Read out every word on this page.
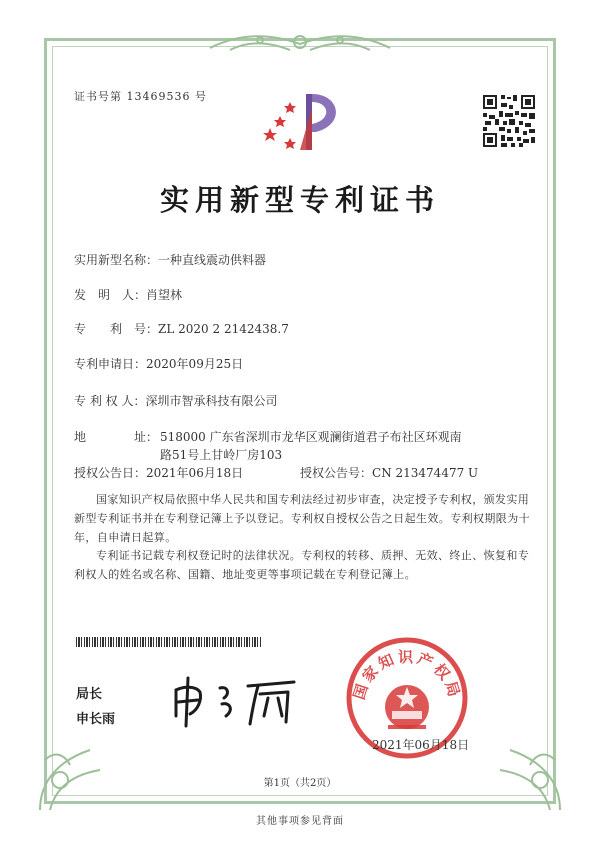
证书号第 13469536 号
实用新型专利证书
实用新型名称：一种直线震动供料器
发　明　人：肖望林
专　　利　号：ZL 2020 2 2142438.7
专利申请日：2020年09月25日
专 利 权 人：深圳市智承科技有限公司
地　　　　址： 518000 广东省深圳市龙华区观澜街道君子布社区环观南
路51号上甘岭厂房103
授权公告日：2021年06月18日	授权公告号：CN 213474477 U
国家知识产权局依照中华人民共和国专利法经过初步审查，决定授予专利权，颁发实用新型专利证书并在专利登记簿上予以登记。专利权自授权公告之日起生效。专利权期限为十年，自申请日起算。
专利证书记载专利权登记时的法律状况。专利权的转移、质押、无效、终止、恢复和专利权人的姓名或名称、国籍、地址变更等事项记载在专利登记簿上。
局长
申长雨
国家知识产权局
2021年06月18日
第1页（共2页）
其他事项参见背面
